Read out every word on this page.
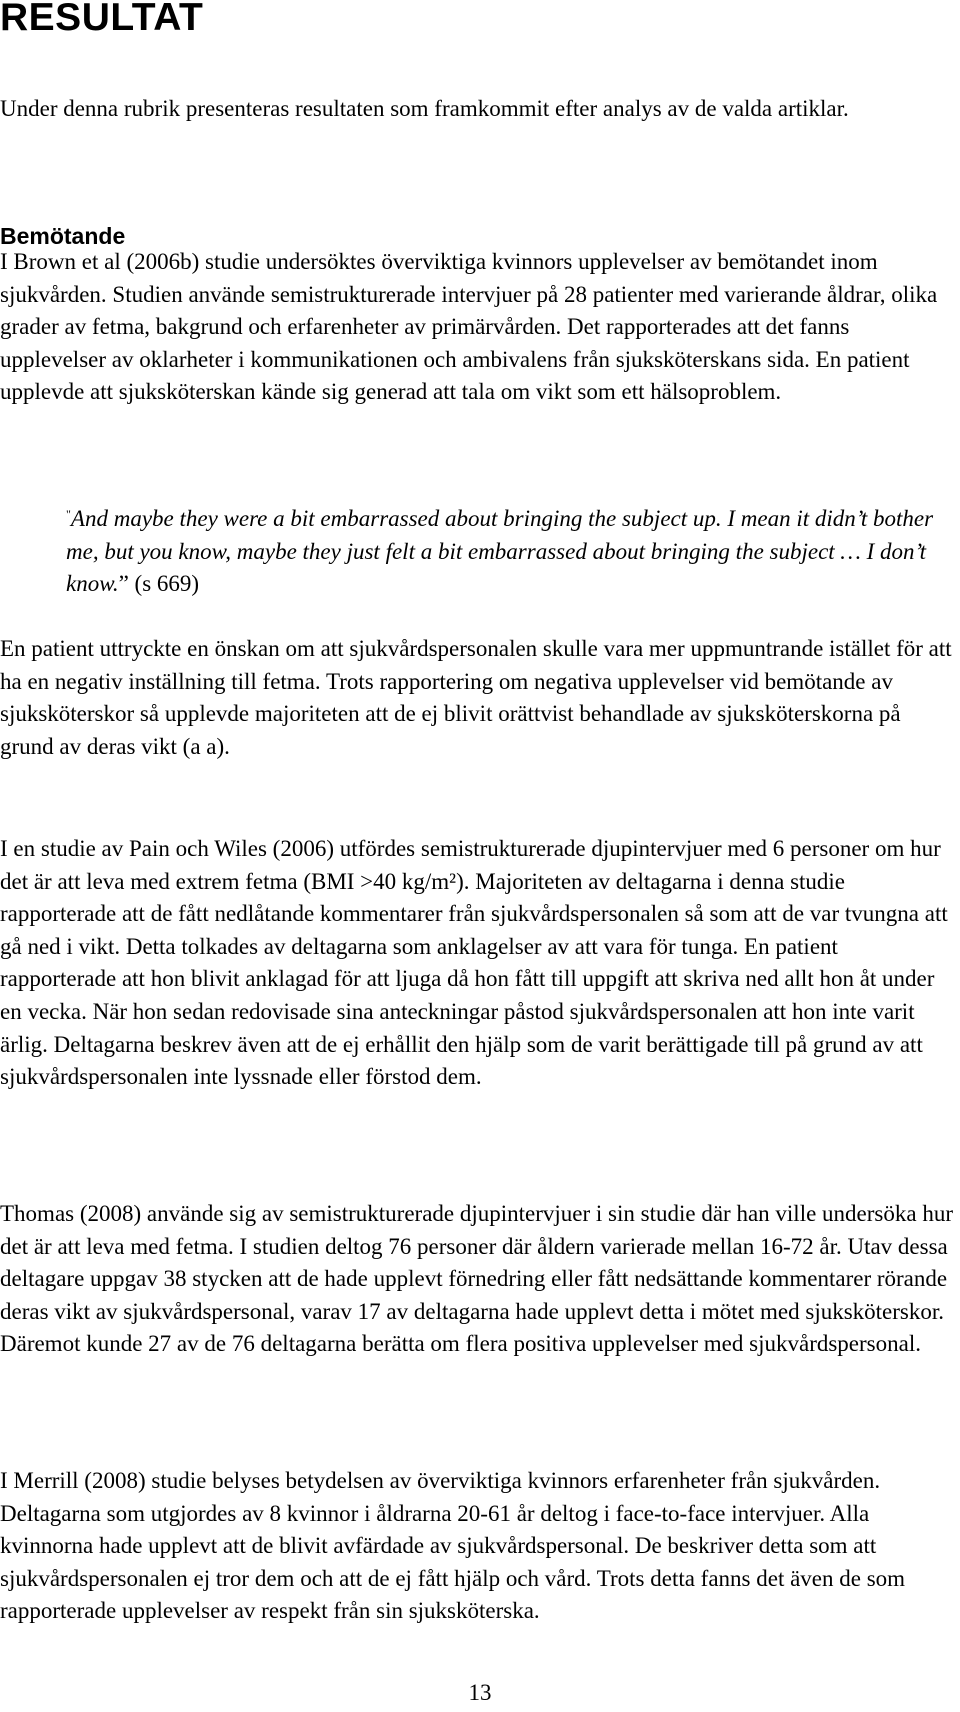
RESULTAT

Under denna rubrik presenteras resultaten som framkommit efter analys av de valda artiklar.

Bemötande

I Brown et al (2006b) studie undersöktes överviktiga kvinnors upplevelser av bemötandet inom sjukvården. Studien använde semistrukturerade intervjuer på 28 patienter med varierande åldrar, olika grader av fetma, bakgrund och erfarenheter av primärvården. Det rapporterades att det fanns upplevelser av oklarheter i kommunikationen och ambivalens från sjuksköterskans sida. En patient upplevde att sjuksköterskan kände sig generad att tala om vikt som ett hälsoproblem.

"And maybe they were a bit embarrassed about bringing the subject up. I mean it didn’t bother me, but you know, maybe they just felt a bit embarrassed about bringing the subject … I don’t know.” (s 669)

En patient uttryckte en önskan om att sjukvårdspersonalen skulle vara mer uppmuntrande istället för att ha en negativ inställning till fetma. Trots rapportering om negativa upplevelser vid bemötande av sjuksköterskor så upplevde majoriteten att de ej blivit orättvist behandlade av sjuksköterskorna på grund av deras vikt (a a).

I en studie av Pain och Wiles (2006) utfördes semistrukturerade djupintervjuer med 6 personer om hur det är att leva med extrem fetma (BMI >40 kg/m²). Majoriteten av deltagarna i denna studie rapporterade att de fått nedlåtande kommentarer från sjukvårdspersonalen så som att de var tvungna att gå ned i vikt. Detta tolkades av deltagarna som anklagelser av att vara för tunga. En patient rapporterade att hon blivit anklagad för att ljuga då hon fått till uppgift att skriva ned allt hon åt under en vecka. När hon sedan redovisade sina anteckningar påstod sjukvårdspersonalen att hon inte varit ärlig. Deltagarna beskrev även att de ej erhållit den hjälp som de varit berättigade till på grund av att sjukvårdspersonalen inte lyssnade eller förstod dem.

Thomas (2008) använde sig av semistrukturerade djupintervjuer i sin studie där han ville undersöka hur det är att leva med fetma. I studien deltog 76 personer där åldern varierade mellan 16-72 år. Utav dessa deltagare uppgav 38 stycken att de hade upplevt förnedring eller fått nedsättande kommentarer rörande deras vikt av sjukvårdspersonal, varav 17 av deltagarna hade upplevt detta i mötet med sjuksköterskor. Däremot kunde 27 av de 76 deltagarna berätta om flera positiva upplevelser med sjukvårdspersonal.

I Merrill (2008) studie belyses betydelsen av överviktiga kvinnors erfarenheter från sjukvården. Deltagarna som utgjordes av 8 kvinnor i åldrarna 20-61 år deltog i face-to-face intervjuer. Alla kvinnorna hade upplevt att de blivit avfärdade av sjukvårdspersonal. De beskriver detta som att sjukvårdspersonalen ej tror dem och att de ej fått hjälp och vård. Trots detta fanns det även de som rapporterade upplevelser av respekt från sin sjuksköterska.

13
